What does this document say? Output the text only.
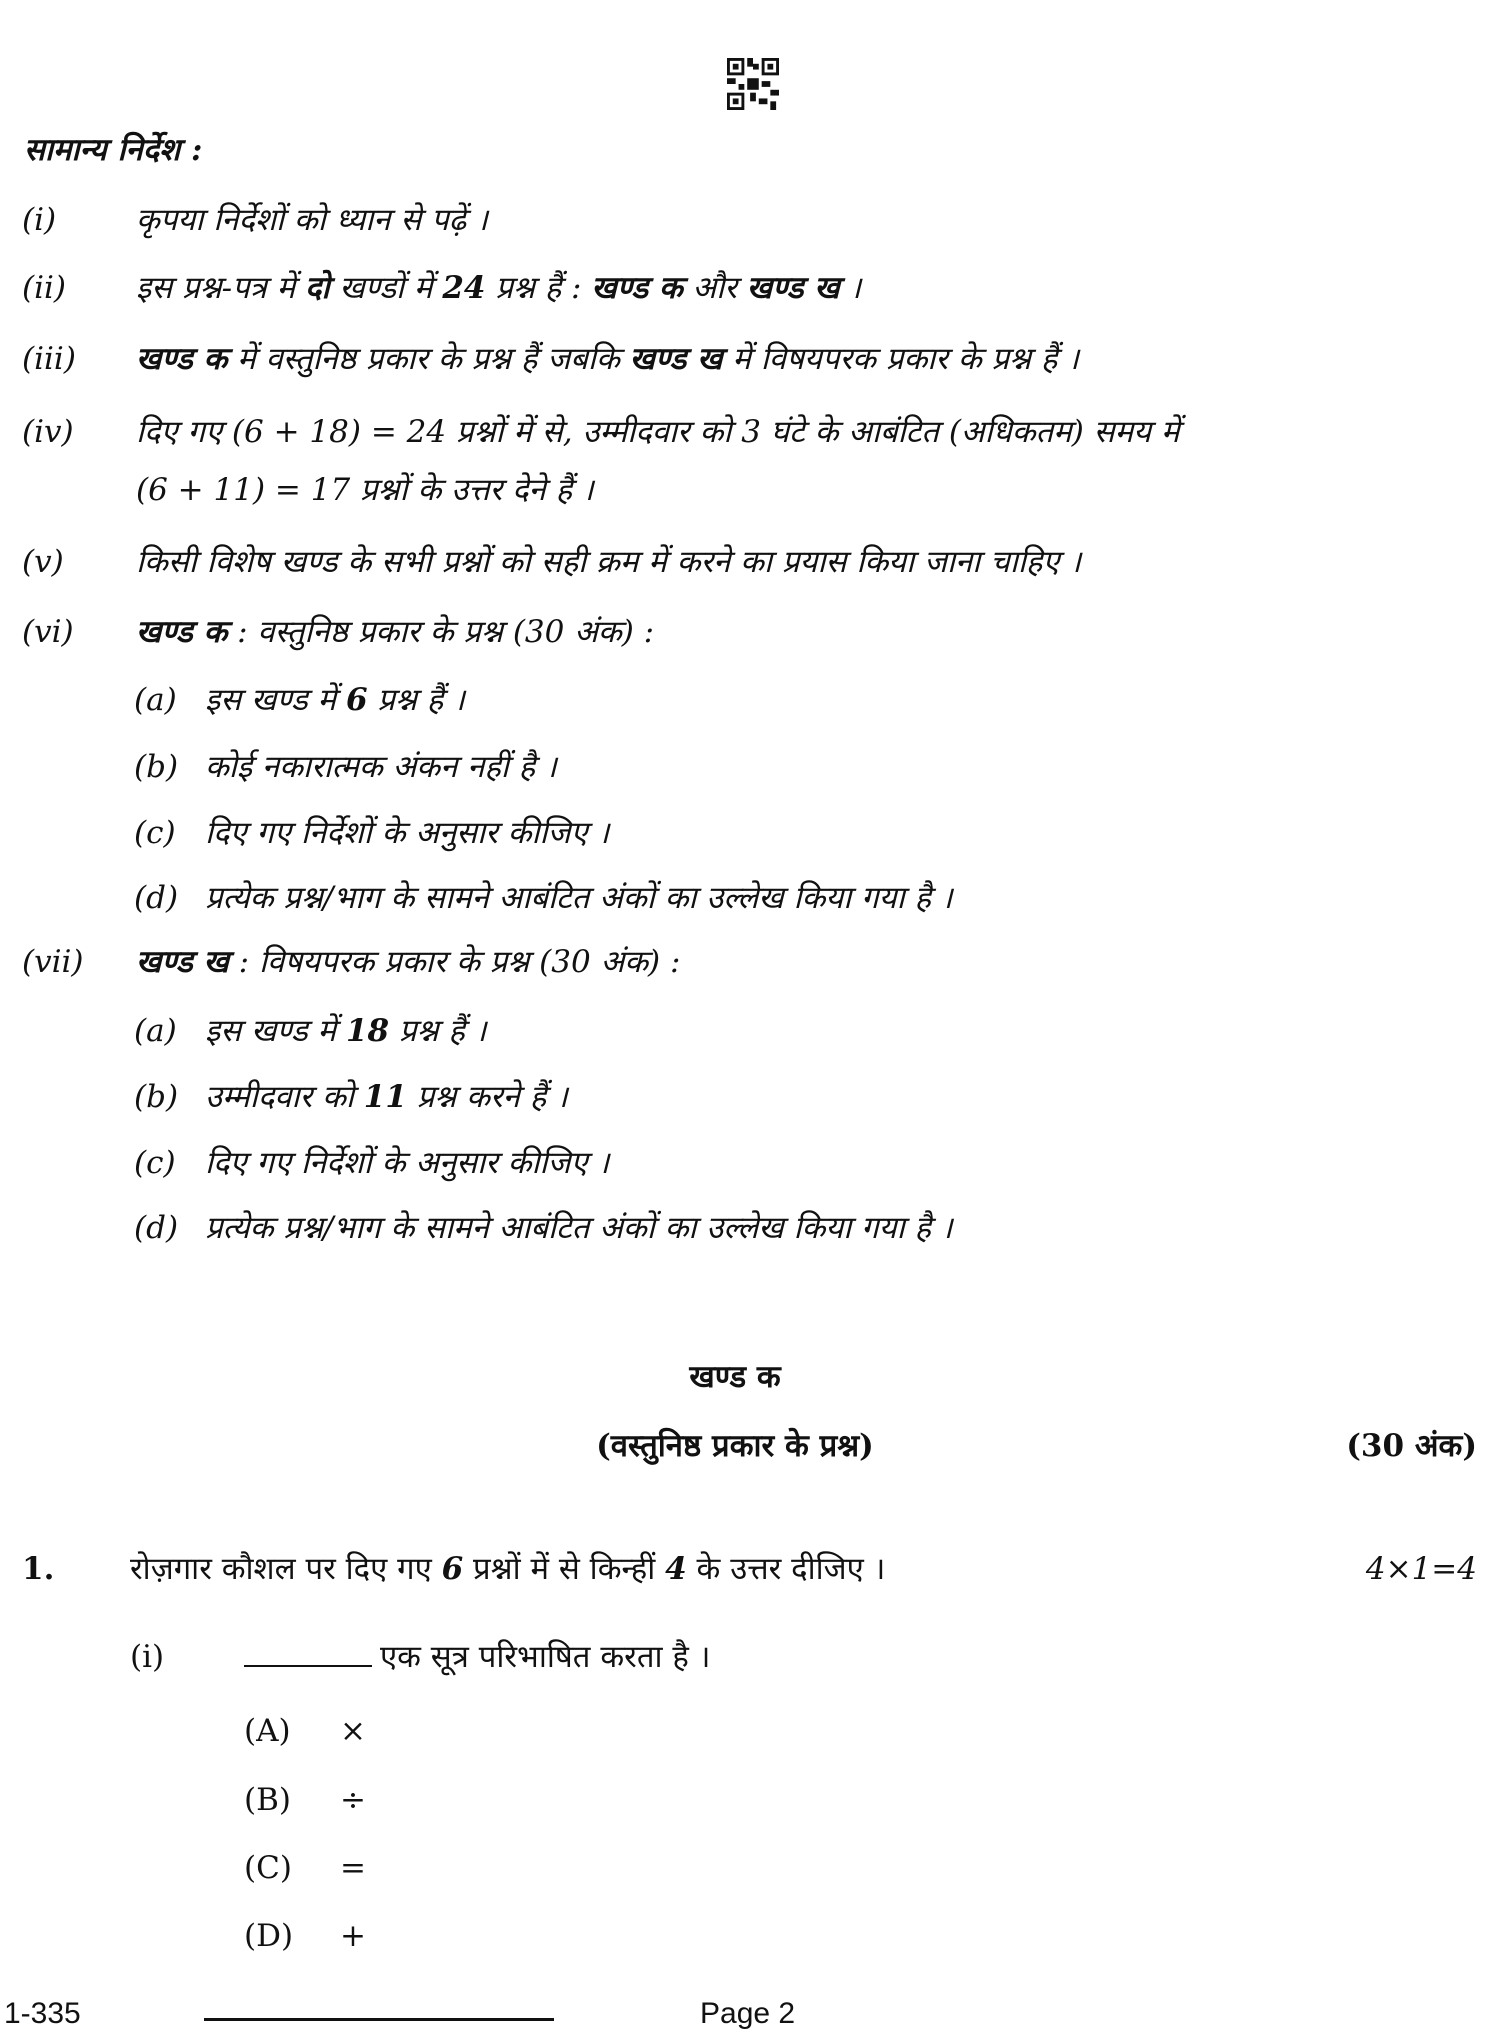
सामान्य निर्देश :
(i)	कृपया निर्देशों को ध्यान से पढ़ें ।
(ii) इस प्रश्न-पत्र में दो खण्डों में 24 प्रश्न हैं : खण्ड क और खण्ड ख ।
(iii) खण्ड क में वस्तुनिष्ठ प्रकार के प्रश्न हैं जबकि खण्ड ख में विषयपरक प्रकार के प्रश्न हैं ।
(iv) दिए गए (6 + 18) = 24 प्रश्नों में से, उम्मीदवार को 3 घंटे के आबंटित (अधिकतम) समय में
(6 + 11) = 17 प्रश्नों के उत्तर देने हैं ।
(v) किसी विशेष खण्ड के सभी प्रश्नों को सही क्रम में करने का प्रयास किया जाना चाहिए ।
(vi) खण्ड क : वस्तुनिष्ठ प्रकार के प्रश्न (30 अंक) :
(a) इस खण्ड में 6 प्रश्न हैं ।
(b) कोई नकारात्मक अंकन नहीं है ।
(c) दिए गए निर्देशों के अनुसार कीजिए ।
(d) प्रत्येक प्रश्न/भाग के सामने आबंटित अंकों का उल्लेख किया गया है ।
(vii) खण्ड ख : विषयपरक प्रकार के प्रश्न (30 अंक) :
(a) इस खण्ड में 18 प्रश्न हैं ।
(b) उम्मीदवार को 11 प्रश्न करने हैं ।
(c) दिए गए निर्देशों के अनुसार कीजिए ।
(d) प्रत्येक प्रश्न/भाग के सामने आबंटित अंकों का उल्लेख किया गया है ।
खण्ड क
(वस्तुनिष्ठ प्रकार के प्रश्न)	(30 अंक)
1. रोज़गार कौशल पर दिए गए 6 प्रश्नों में से किन्हीं 4 के उत्तर दीजिए ।	4×1=4
(i)	एक सूत्र परिभाषित करता है ।
(A) ×
(B) ÷
(C) =
(D) +
1-335	Page 2
